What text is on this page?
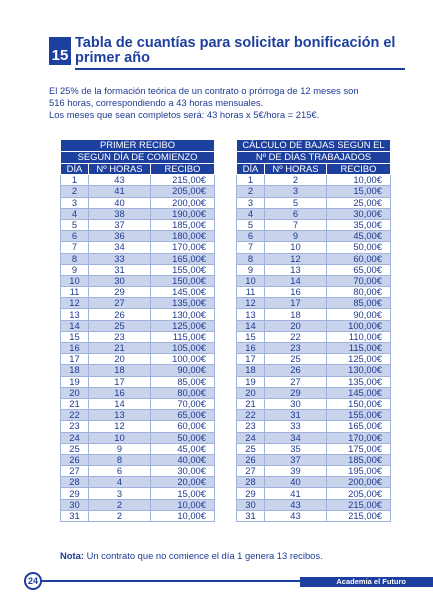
15
Tabla de cuantías para solicitar bonificación el primer año
El 25% de la formación teórica de un contrato o prórroga de 12 meses son
516 horas, correspondiendo a 43 horas mensuales.
Los meses que sean completos será: 43 horas x 5€/hora = 215€.
PRIMER RECIBO		
SEGÚN DÍA DE COMIENZO		
DÍA	Nº HORAS	RECIBO
1	43	215,00€
2	41	205,00€
3	40	200,00€
4	38	190,00€
5	37	185,00€
6	36	180,00€
7	34	170,00€
8	33	165,00€
9	31	155,00€
10	30	150,00€
11	29	145,00€
12	27	135,00€
13	26	130,00€
14	25	125,00€
15	23	115,00€
16	21	105,00€
17	20	100,00€
18	18	90,00€
19	17	85,00€
20	16	80,00€
21	14	70,00€
22	13	65,00€
23	12	60,00€
24	10	50,00€
25	9	45,00€
26	8	40,00€
27	6	30,00€
28	4	20,00€
29	3	15,00€
30	2	10,00€
31	2	10,00€
CÁLCULO DE BAJAS SEGÚN EL		
Nº DE DÍAS TRABAJADOS		
DÍA	Nº HORAS	RECIBO
1	2	10,00€
2	3	15,00€
3	5	25,00€
4	6	30,00€
5	7	35,00€
6	9	45,00€
7	10	50,00€
8	12	60,00€
9	13	65,00€
10	14	70,00€
11	16	80,00€
12	17	85,00€
13	18	90,00€
14	20	100,00€
15	22	110,00€
16	23	115,00€
17	25	125,00€
18	26	130,00€
19	27	135,00€
20	29	145,00€
21	30	150,00€
22	31	155,00€
23	33	165,00€
24	34	170,00€
25	35	175,00€
26	37	185,00€
27	39	195,00€
28	40	200,00€
29	41	205,00€
30	43	215,00€
31	43	215,00€
Nota: Un contrato que no comience el día 1 genera 13 recibos.
Academia el Futuro
24
